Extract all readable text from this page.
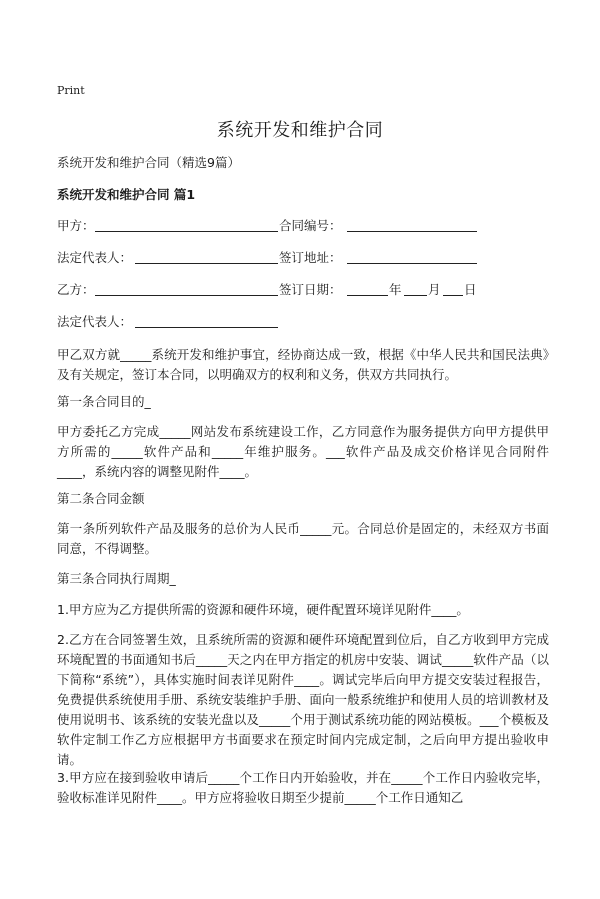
Print
系统开发和维护合同
系统开发和维护合同（精选9篇）
系统开发和维护合同 篇1
甲方：	合同编号：
法定代表人：	签订地址：
乙方：	签订日期：	年 月 日
法定代表人：

甲乙双方就_____系统开发和维护事宜，经协商达成一致，根据《中华人民共和国民法典》及有关规定，签订本合同，以明确双方的权利和义务，供双方共同执行。

第一条合同目的_

甲方委托乙方完成_____网站发布系统建设工作，乙方同意作为服务提供方向甲方提供甲方所需的_____软件产品和_____年维护服务。___软件产品及成交价格详见合同附件____，系统内容的调整见附件____。

第二条合同金额

第一条所列软件产品及服务的总价为人民币_____元。合同总价是固定的，未经双方书面同意，不得调整。

第三条合同执行周期_

1.甲方应为乙方提供所需的资源和硬件环境，硬件配置环境详见附件____。

2.乙方在合同签署生效，且系统所需的资源和硬件环境配置到位后，自乙方收到甲方完成环境配置的书面通知书后_____天之内在甲方指定的机房中安装、调试_____软件产品（以下简称“系统”），具体实施时间表详见附件____。调试完毕后向甲方提交安装过程报告，免费提供系统使用手册、系统安装维护手册、面向一般系统维护和使用人员的培训教材及使用说明书、该系统的安装光盘以及_____个用于测试系统功能的网站模板。___个模板及软件定制工作乙方应根据甲方书面要求在预定时间内完成定制，之后向甲方提出验收申请。

3.甲方应在接到验收申请后_____个工作日内开始验收，并在_____个工作日内验收完毕，验收标准详见附件____。甲方应将验收日期至少提前_____个工作日通知乙
